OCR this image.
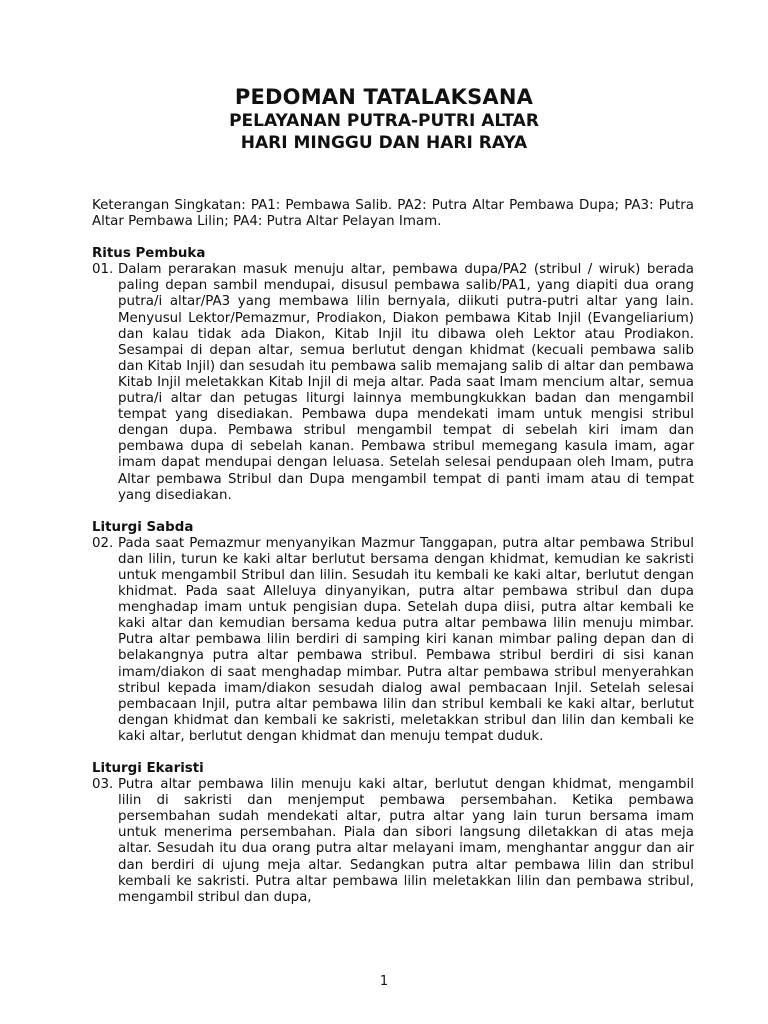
PEDOMAN TATALAKSANA
PELAYANAN PUTRA-PUTRI ALTAR
HARI MINGGU DAN HARI RAYA

Keterangan Singkatan: PA1: Pembawa Salib. PA2: Putra Altar Pembawa Dupa; PA3: Putra Altar Pembawa Lilin; PA4: Putra Altar Pelayan Imam.

Ritus Pembuka

01. Dalam perarakan masuk menuju altar, pembawa dupa/PA2 (stribul / wiruk) berada paling depan sambil mendupai, disusul pembawa salib/PA1, yang diapiti dua orang putra/i altar/PA3 yang membawa lilin bernyala, diikuti putra-putri altar yang lain. Menyusul Lektor/Pemazmur, Prodiakon, Diakon pembawa Kitab Injil (Evangeliarium) dan kalau tidak ada Diakon, Kitab Injil itu dibawa oleh Lektor atau Prodiakon. Sesampai di depan altar, semua berlutut dengan khidmat (kecuali pembawa salib dan Kitab Injil) dan sesudah itu pembawa salib memajang salib di altar dan pembawa Kitab Injil meletakkan Kitab Injil di meja altar. Pada saat Imam mencium altar, semua putra/i altar dan petugas liturgi lainnya membungkukkan badan dan mengambil tempat yang disediakan. Pembawa dupa mendekati imam untuk mengisi stribul dengan dupa. Pembawa stribul mengambil tempat di sebelah kiri imam dan pembawa dupa di sebelah kanan. Pembawa stribul memegang kasula imam, agar imam dapat mendupai dengan leluasa. Setelah selesai pendupaan oleh Imam, putra Altar pembawa Stribul dan Dupa mengambil tempat di panti imam atau di tempat yang disediakan.

Liturgi Sabda

02. Pada saat Pemazmur menyanyikan Mazmur Tanggapan, putra altar pembawa Stribul dan lilin, turun ke kaki altar berlutut bersama dengan khidmat, kemudian ke sakristi untuk mengambil Stribul dan lilin. Sesudah itu kembali ke kaki altar, berlutut dengan khidmat. Pada saat Alleluya dinyanyikan, putra altar pembawa stribul dan dupa menghadap imam untuk pengisian dupa. Setelah dupa diisi, putra altar kembali ke kaki altar dan kemudian bersama kedua putra altar pembawa lilin menuju mimbar. Putra altar pembawa lilin berdiri di samping kiri kanan mimbar paling depan dan di belakangnya putra altar pembawa stribul. Pembawa stribul berdiri di sisi kanan imam/diakon di saat menghadap mimbar. Putra altar pembawa stribul menyerahkan stribul kepada imam/diakon sesudah dialog awal pembacaan Injil. Setelah selesai pembacaan Injil, putra altar pembawa lilin dan stribul kembali ke kaki altar, berlutut dengan khidmat dan kembali ke sakristi, meletakkan stribul dan lilin dan kembali ke kaki altar, berlutut dengan khidmat dan menuju tempat duduk.

Liturgi Ekaristi

03. Putra altar pembawa lilin menuju kaki altar, berlutut dengan khidmat, mengambil lilin di sakristi dan menjemput pembawa persembahan. Ketika pembawa persembahan sudah mendekati altar, putra altar yang lain turun bersama imam untuk menerima persembahan. Piala dan sibori langsung diletakkan di atas meja altar. Sesudah itu dua orang putra altar melayani imam, menghantar anggur dan air dan berdiri di ujung meja altar. Sedangkan putra altar pembawa lilin dan stribul kembali ke sakristi. Putra altar pembawa lilin meletakkan lilin dan pembawa stribul, mengambil stribul dan dupa,

1
